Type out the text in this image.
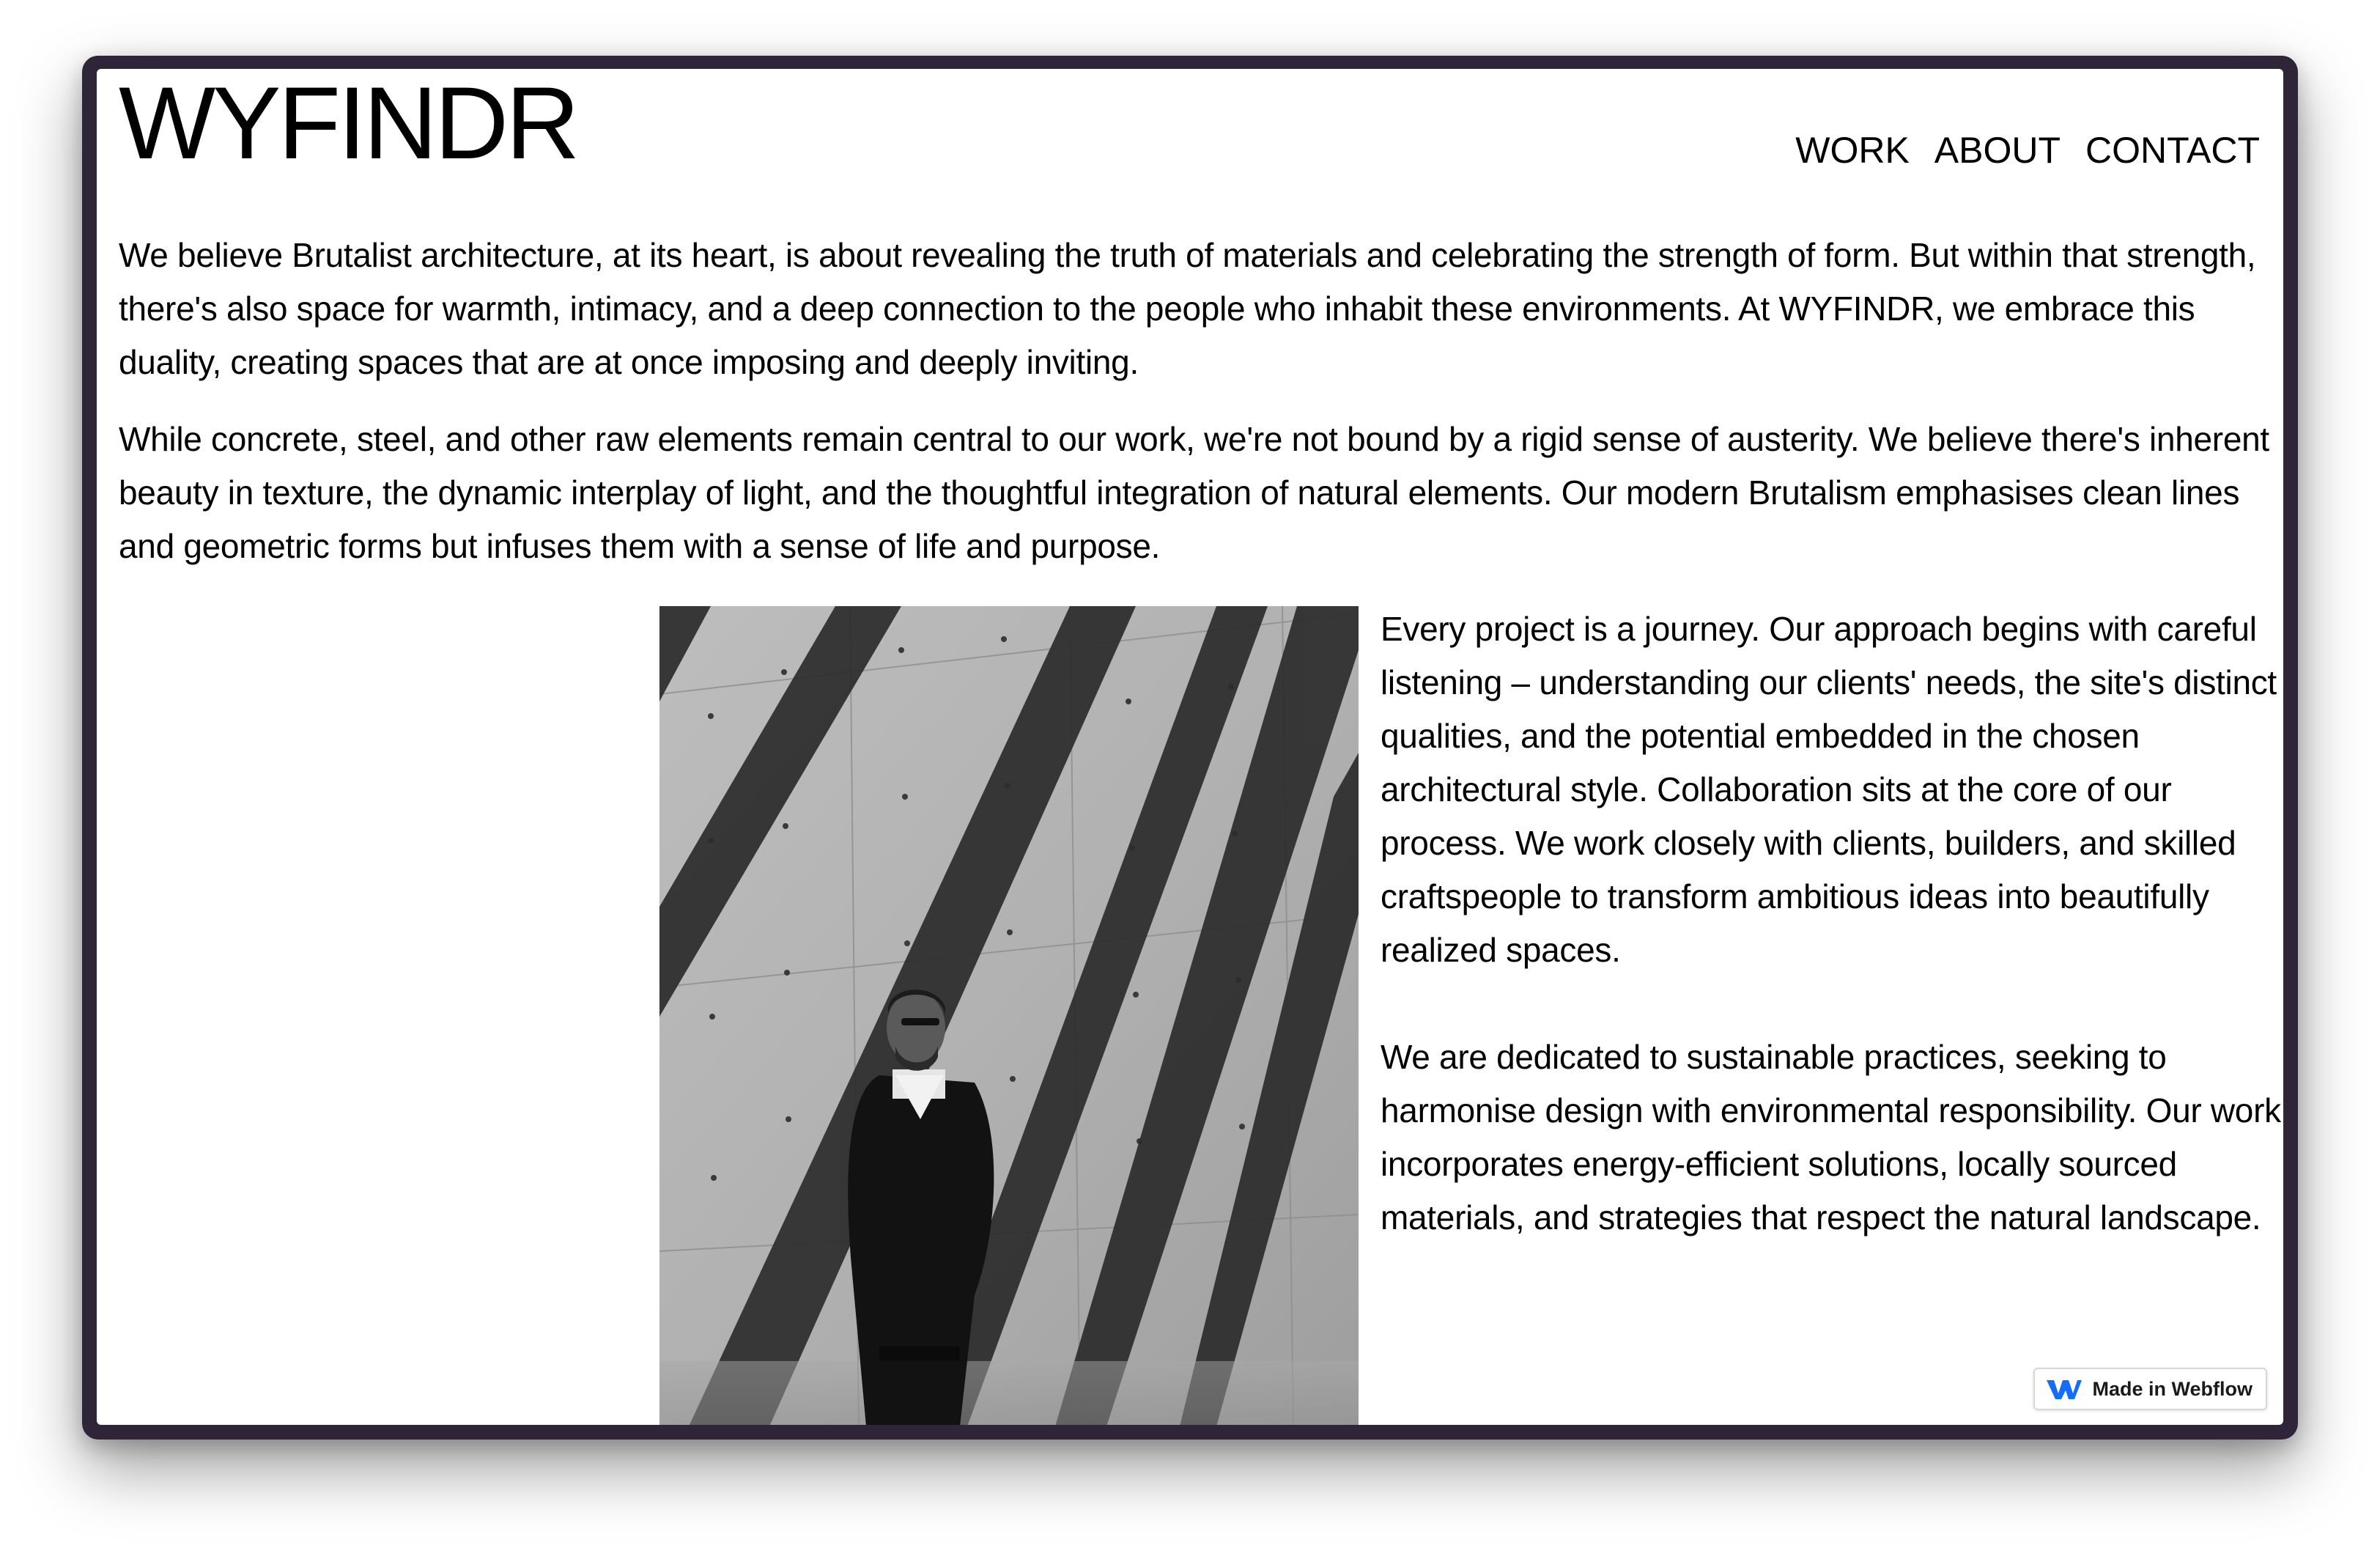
WYFINDR	WORK ABOUT CONTACT

We believe Brutalist architecture, at its heart, is about revealing the truth of materials and celebrating the strength of form. But within that strength, there's also space for warmth, intimacy, and a deep connection to the people who inhabit these environments. At WYFINDR, we embrace this duality, creating spaces that are at once imposing and deeply inviting.

While concrete, steel, and other raw elements remain central to our work, we're not bound by a rigid sense of austerity. We believe there's inherent beauty in texture, the dynamic interplay of light, and the thoughtful integration of natural elements. Our modern Brutalism emphasises clean lines and geometric forms but infuses them with a sense of life and purpose.

Every project is a journey. Our approach begins with careful listening – understanding our clients' needs, the site's distinct qualities, and the potential embedded in the chosen architectural style. Collaboration sits at the core of our process. We work closely with clients, builders, and skilled craftspeople to transform ambitious ideas into beautifully realized spaces.

We are dedicated to sustainable practices, seeking to harmonise design with environmental responsibility. Our work incorporates energy-efficient solutions, locally sourced materials, and strategies that respect the natural landscape.

Made in Webflow
